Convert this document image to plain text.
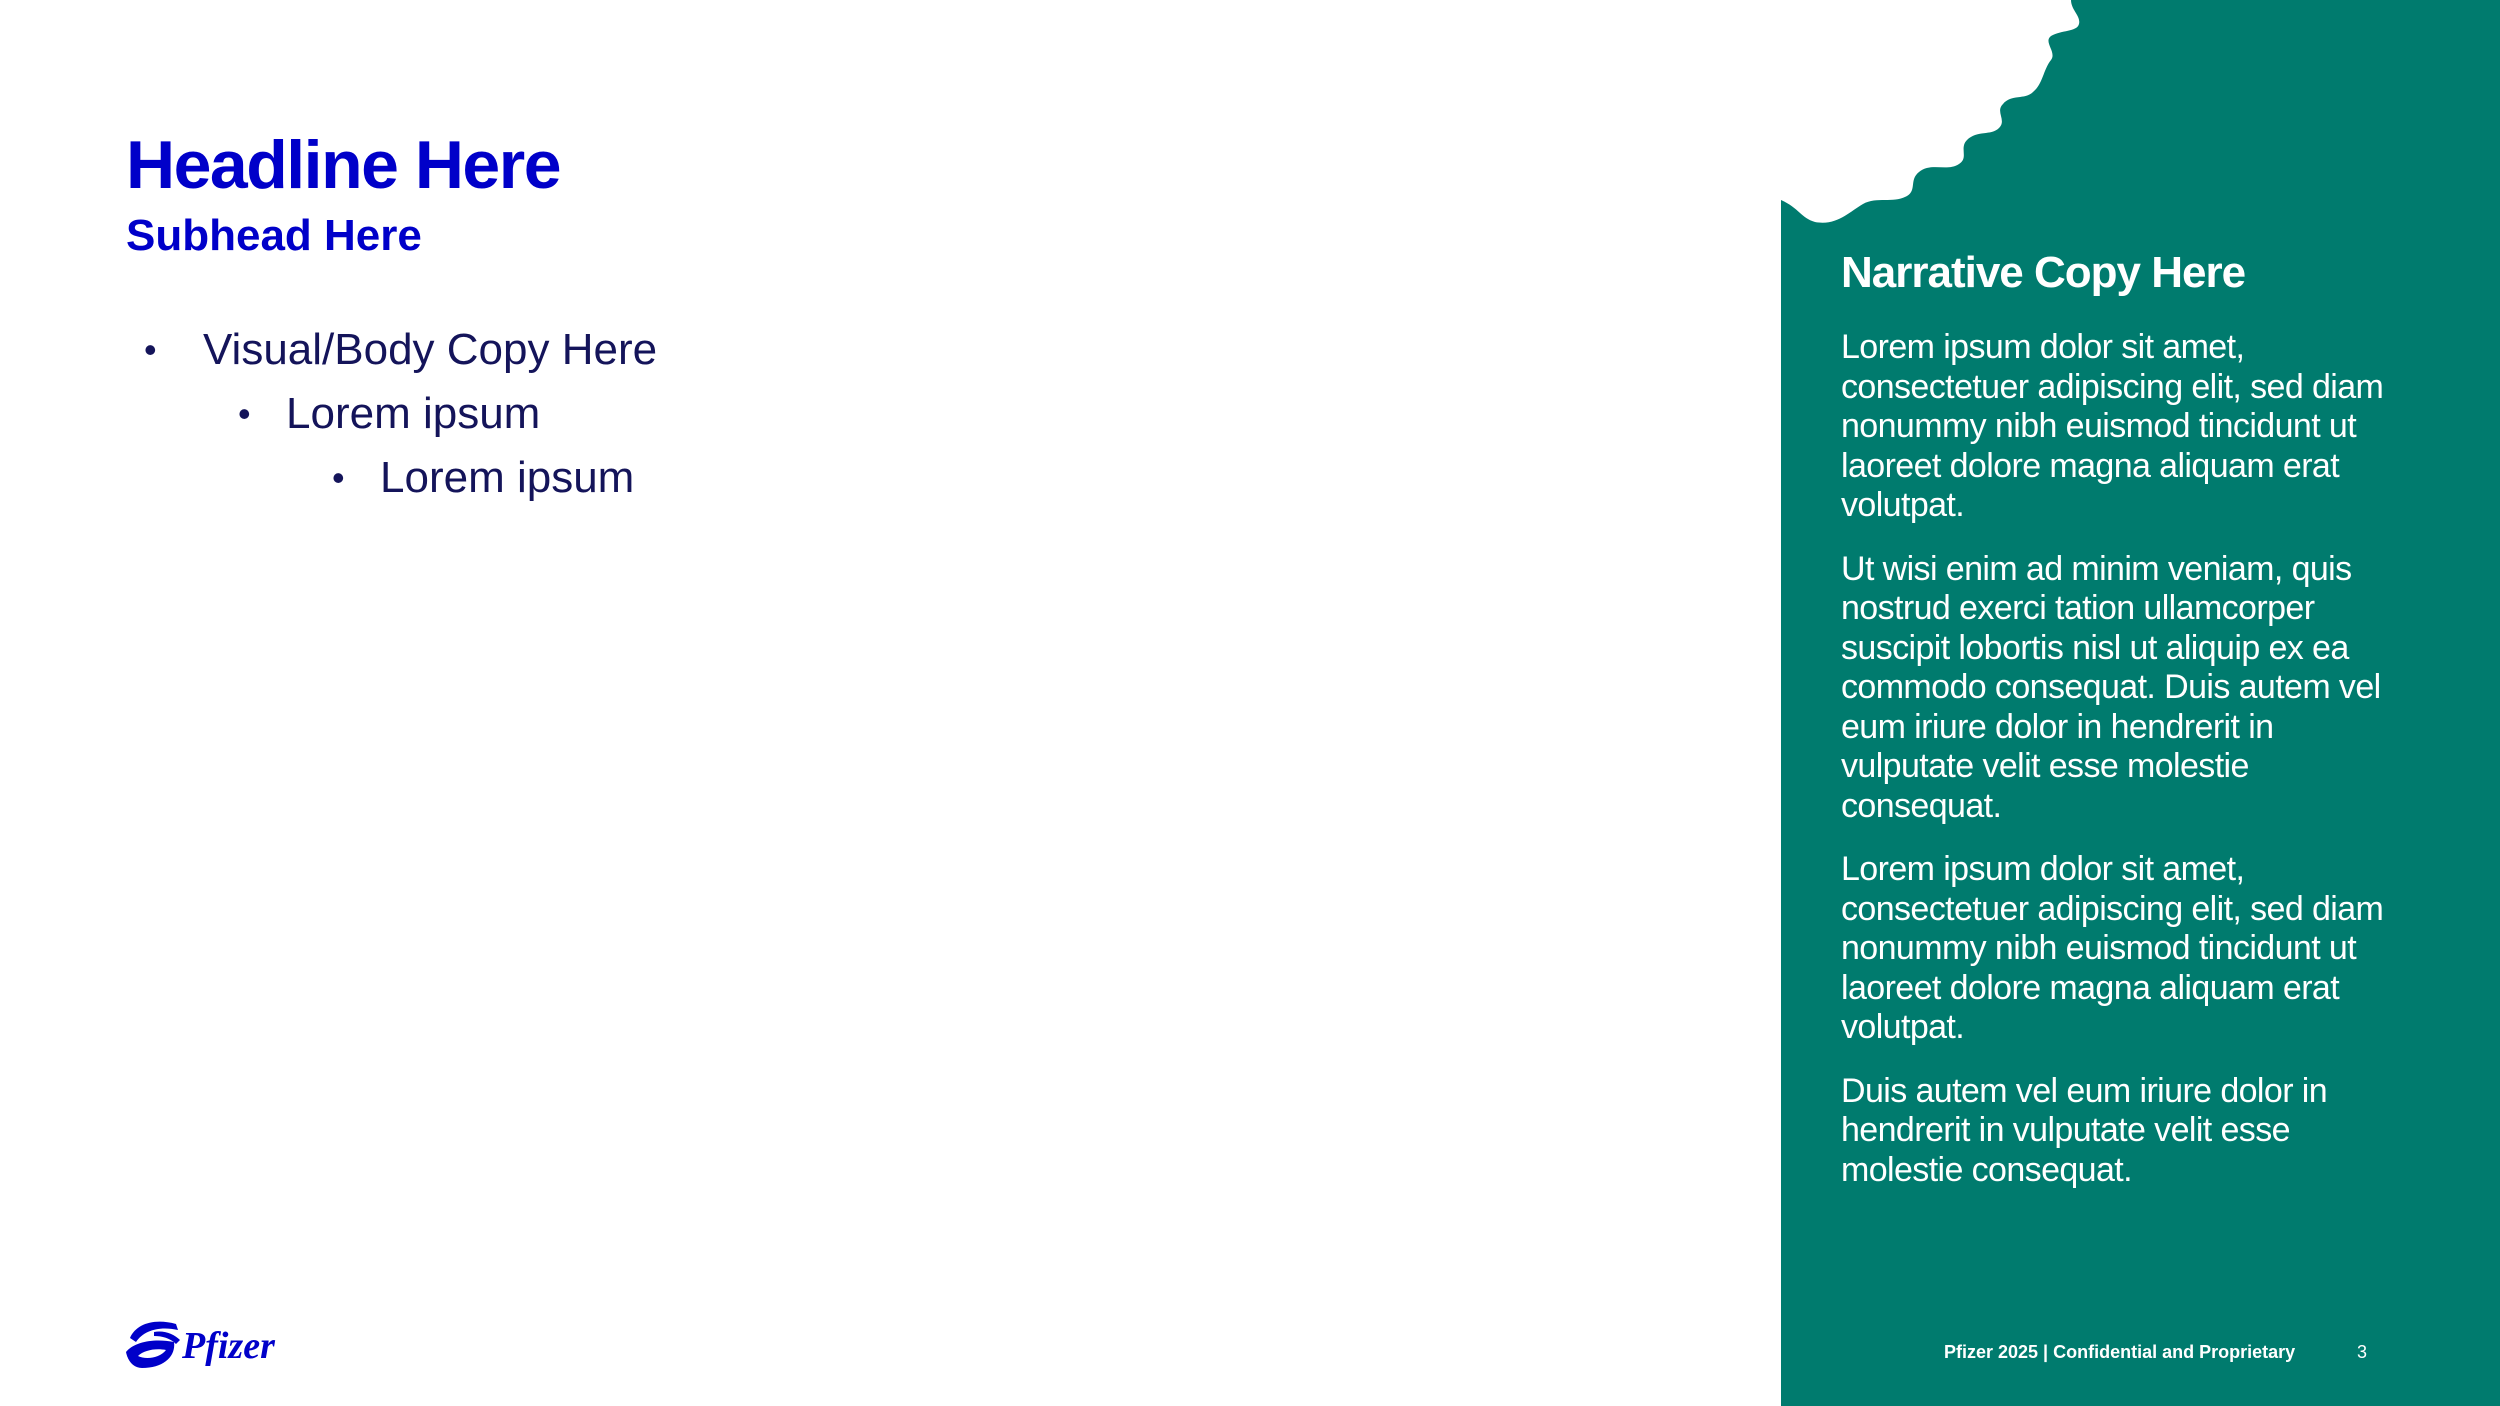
Headline Here
Subhead Here
• Visual/Body Copy Here
• Lorem ipsum
• Lorem ipsum
Pfizer
Narrative Copy Here

Lorem ipsum dolor sit amet, consectetuer adipiscing elit, sed diam nonummy nibh euismod tincidunt ut laoreet dolore magna aliquam erat volutpat.

Ut wisi enim ad minim veniam, quis nostrud exerci tation ullamcorper suscipit lobortis nisl ut aliquip ex ea commodo consequat. Duis autem vel eum iriure dolor in hendrerit in vulputate velit esse molestie consequat.

Lorem ipsum dolor sit amet, consectetuer adipiscing elit, sed diam nonummy nibh euismod tincidunt ut laoreet dolore magna aliquam erat volutpat.

Duis autem vel eum iriure dolor in hendrerit in vulputate velit esse molestie consequat.

Pfizer 2025 | Confidential and Proprietary	3
